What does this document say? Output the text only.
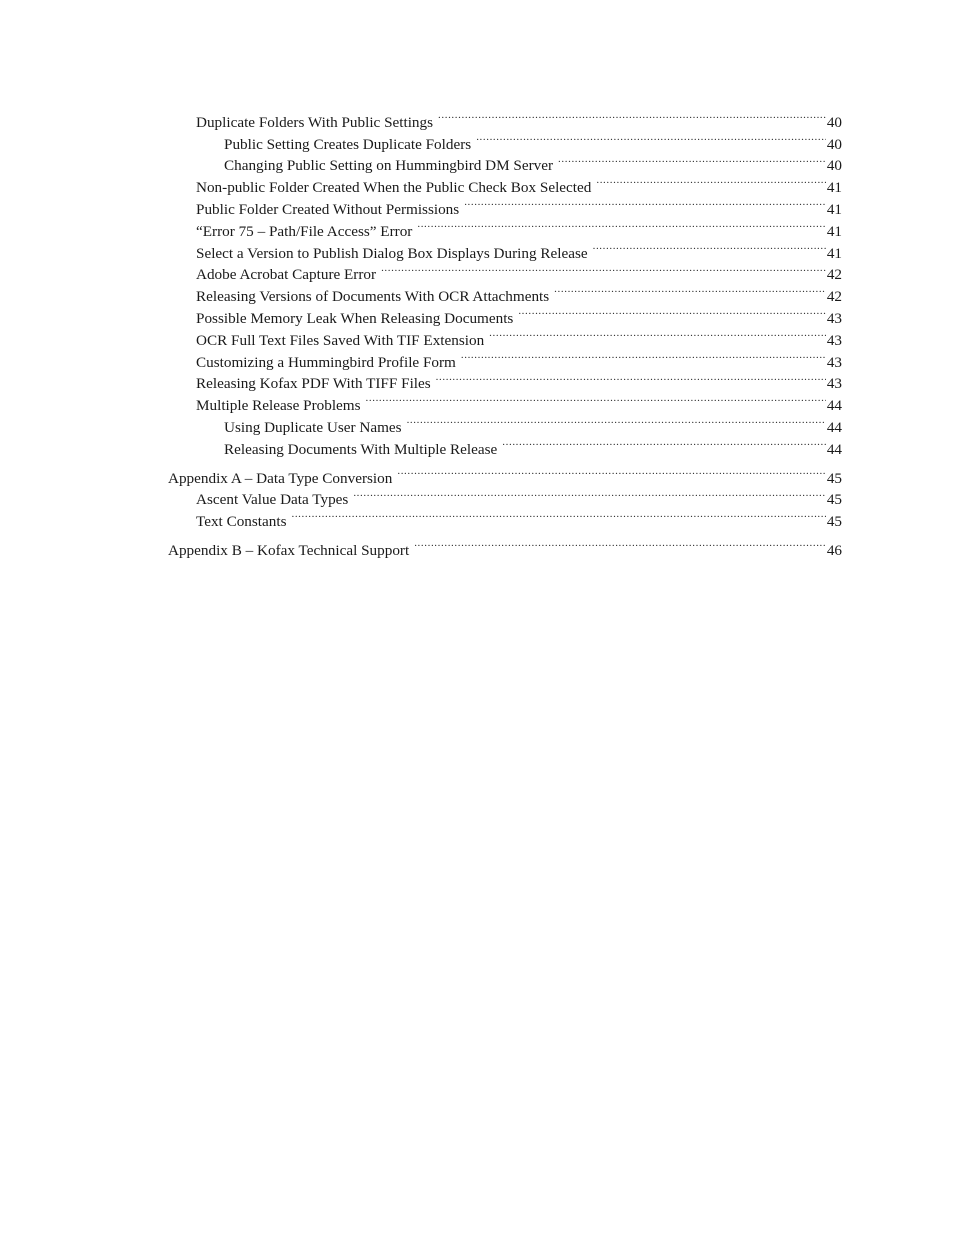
Duplicate Folders With Public Settings .....	40
Public Setting Creates Duplicate Folders .....	40
Changing Public Setting on Hummingbird DM Server .....	40
Non-public Folder Created When the Public Check Box Selected .....	41
Public Folder Created Without Permissions .....	41
“Error 75 – Path/File Access” Error .....	41
Select a Version to Publish Dialog Box Displays During Release .....	41
Adobe Acrobat Capture Error .....	42
Releasing Versions of Documents With OCR Attachments .....	42
Possible Memory Leak When Releasing Documents .....	43
OCR Full Text Files Saved With TIF Extension .....	43
Customizing a Hummingbird Profile Form .....	43
Releasing Kofax PDF With TIFF Files .....	43
Multiple Release Problems .....	44
Using Duplicate User Names .....	44
Releasing Documents With Multiple Release .....	44
Appendix A – Data Type Conversion .....	45
Ascent Value Data Types .....	45
Text Constants .....	45
Appendix B – Kofax Technical Support .....	46
